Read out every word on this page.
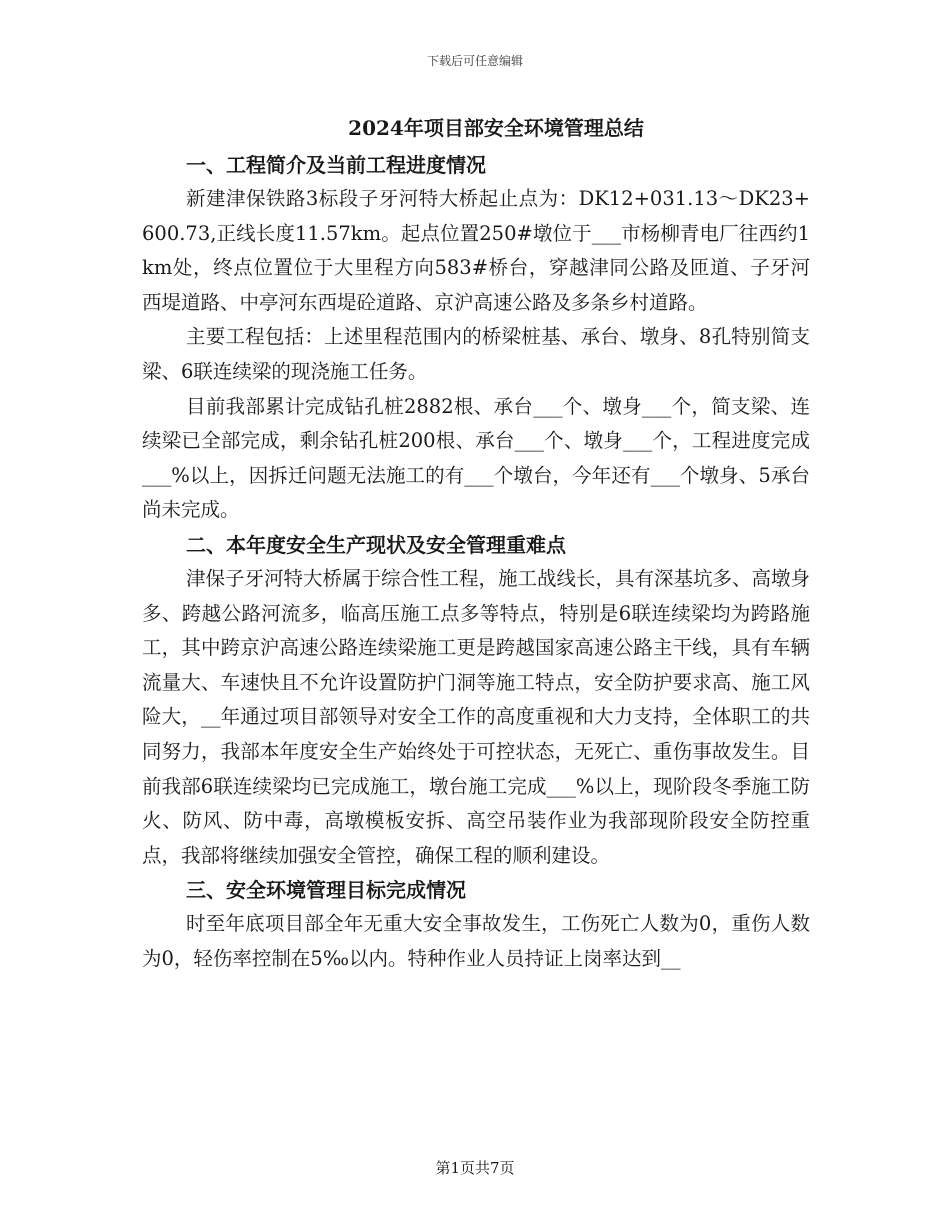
下载后可任意编辑
2024年项目部安全环境管理总结
一、工程简介及当前工程进度情况

新建津保铁路3标段子牙河特大桥起止点为：DK12+031.13～DK23+600.73,正线长度11.57km。起点位置250#墩位于___市杨柳青电厂往西约1km处，终点位置位于大里程方向583#桥台，穿越津同公路及匝道、子牙河西堤道路、中亭河东西堤砼道路、京沪高速公路及多条乡村道路。

主要工程包括：上述里程范围内的桥梁桩基、承台、墩身、8孔特别简支梁、6联连续梁的现浇施工任务。

目前我部累计完成钻孔桩2882根、承台___个、墩身___个，简支梁、连续梁已全部完成，剩余钻孔桩200根、承台___个、墩身___个，工程进度完成___%以上，因拆迁问题无法施工的有___个墩台，今年还有___个墩身、5承台尚未完成。

二、本年度安全生产现状及安全管理重难点

津保子牙河特大桥属于综合性工程，施工战线长，具有深基坑多、高墩身多、跨越公路河流多，临高压施工点多等特点，特别是6联连续梁均为跨路施工，其中跨京沪高速公路连续梁施工更是跨越国家高速公路主干线，具有车辆流量大、车速快且不允许设置防护门洞等施工特点，安全防护要求高、施工风险大，__年通过项目部领导对安全工作的高度重视和大力支持，全体职工的共同努力，我部本年度安全生产始终处于可控状态，无死亡、重伤事故发生。目前我部6联连续梁均已完成施工，墩台施工完成___%以上，现阶段冬季施工防火、防风、防中毒，高墩模板安拆、高空吊装作业为我部现阶段安全防控重点，我部将继续加强安全管控，确保工程的顺利建设。

三、安全环境管理目标完成情况

时至年底项目部全年无重大安全事故发生，工伤死亡人数为0，重伤人数为0，轻伤率控制在5‰以内。特种作业人员持证上岗率达到__

第1页共7页
